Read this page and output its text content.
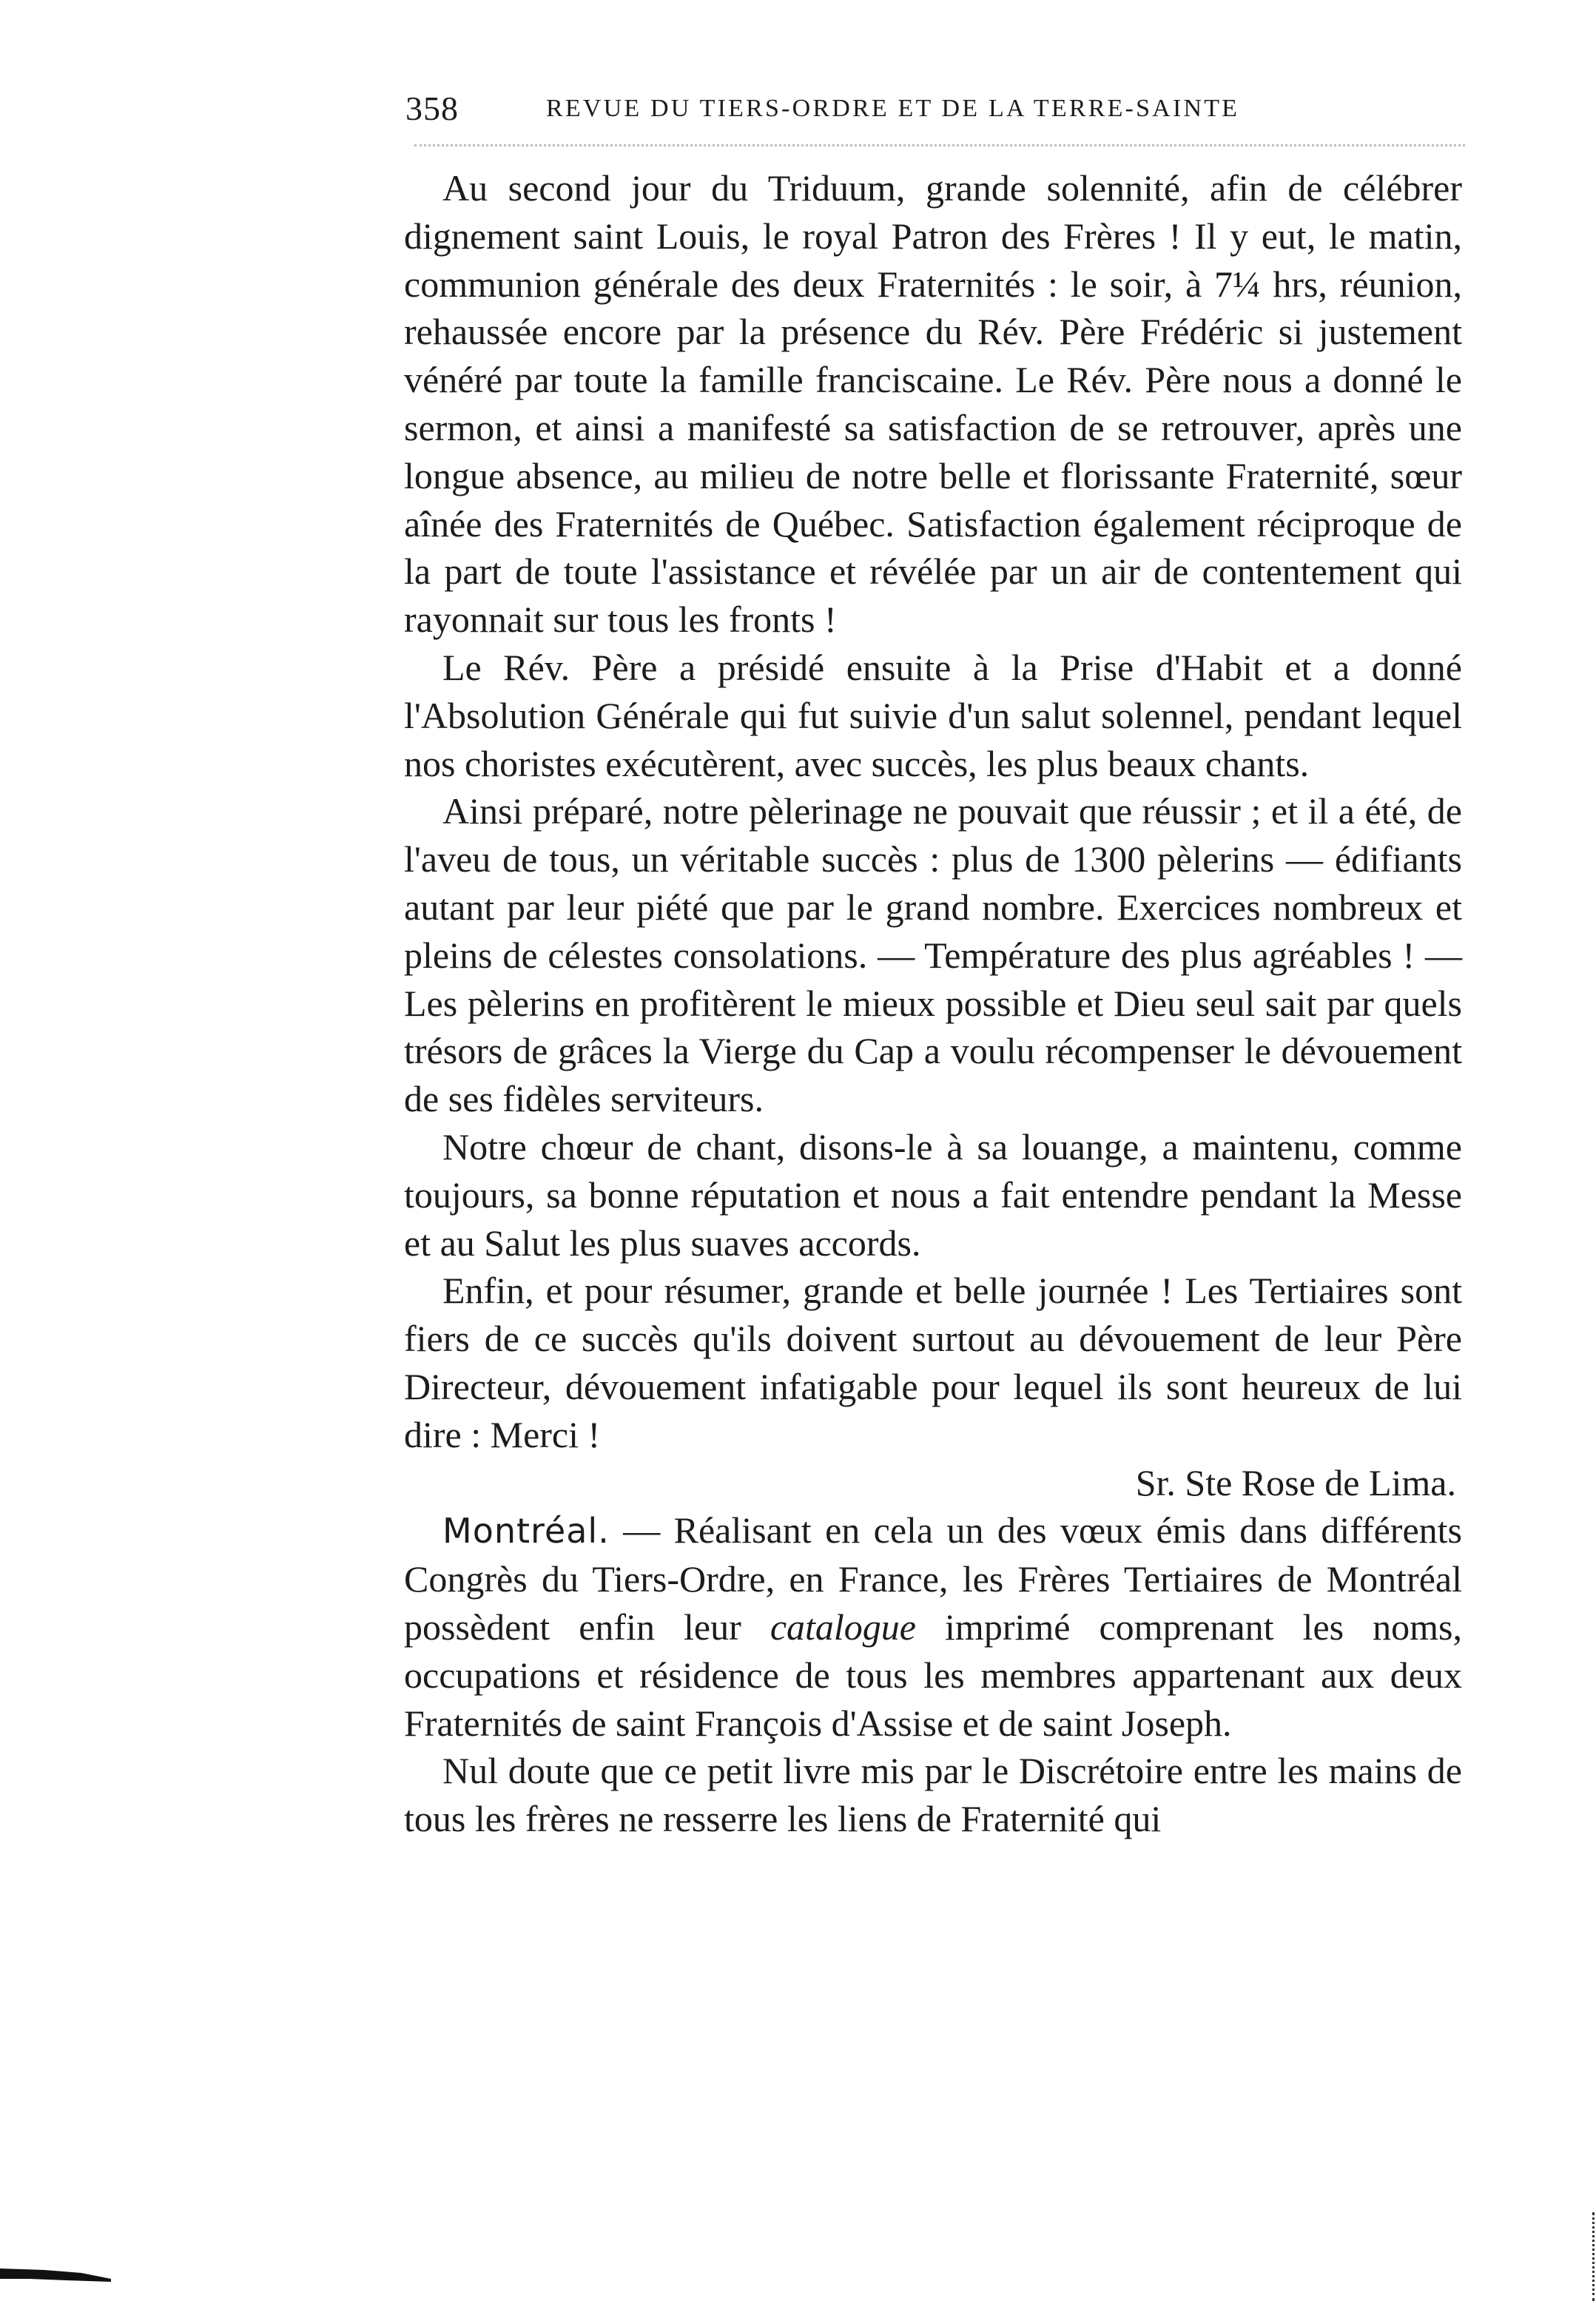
358	REVUE DU TIERS-ORDRE ET DE LA TERRE-SAINTE

Au second jour du Triduum, grande solennité, afin de célébrer dignement saint Louis, le royal Patron des Frères ! Il y eut, le matin, communion générale des deux Fraternités : le soir, à 7¼ hrs, réunion, rehaussée encore par la présence du Rév. Père Frédéric si justement vénéré par toute la famille franciscaine. Le Rév. Père nous a donné le sermon, et ainsi a manifesté sa satisfaction de se retrouver, après une longue absence, au milieu de notre belle et florissante Fraternité, sœur aînée des Fraternités de Québec. Satisfaction également réciproque de la part de toute l'assistance et révélée par un air de contentement qui rayonnait sur tous les fronts !

Le Rév. Père a présidé ensuite à la Prise d'Habit et a donné l'Absolution Générale qui fut suivie d'un salut solennel, pendant lequel nos choristes exécutèrent, avec succès, les plus beaux chants.

Ainsi préparé, notre pèlerinage ne pouvait que réussir ; et il a été, de l'aveu de tous, un véritable succès : plus de 1300 pèlerins — édifiants autant par leur piété que par le grand nombre. Exercices nombreux et pleins de célestes consolations. — Température des plus agréables ! — Les pèlerins en profitèrent le mieux possible et Dieu seul sait par quels trésors de grâces la Vierge du Cap a voulu récompenser le dévouement de ses fidèles serviteurs.

Notre chœur de chant, disons-le à sa louange, a maintenu, comme toujours, sa bonne réputation et nous a fait entendre pendant la Messe et au Salut les plus suaves accords.

Enfin, et pour résumer, grande et belle journée ! Les Tertiaires sont fiers de ce succès qu'ils doivent surtout au dévouement de leur Père Directeur, dévouement infatigable pour lequel ils sont heureux de lui dire : Merci !

Sr. Ste Rose de Lima.

Montréal. — Réalisant en cela un des vœux émis dans différents Congrès du Tiers-Ordre, en France, les Frères Tertiaires de Montréal possèdent enfin leur catalogue imprimé comprenant les noms, occupations et résidence de tous les membres appartenant aux deux Fraternités de saint François d'Assise et de saint Joseph.

Nul doute que ce petit livre mis par le Discrétoire entre les mains de tous les frères ne resserre les liens de Fraternité qui
